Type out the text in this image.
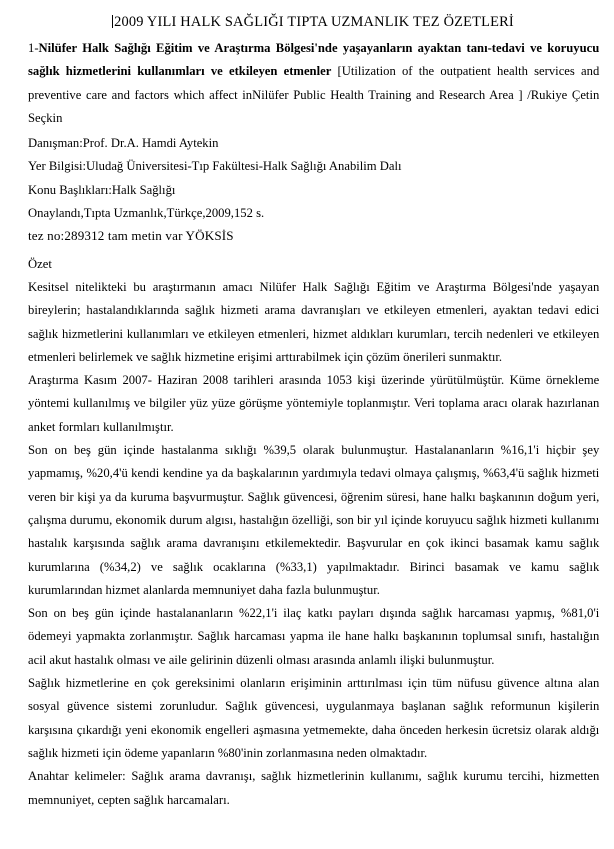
2009 YILI HALK SAĞLIĞI TIPTA UZMANLIK TEZ ÖZETLERİ
1-Nilüfer Halk Sağlığı Eğitim ve Araştırma Bölgesi'nde yaşayanların ayaktan tanı-tedavi ve koruyucu sağlık hizmetlerini kullanımları ve etkileyen etmenler [Utilization of the outpatient health services and preventive care and factors which affect inNilüfer Public Health Training and Research Area ] /Rukiye Çetin Seçkin
Danışman:Prof. Dr.A. Hamdi Aytekin
Yer Bilgisi:Uludağ Üniversitesi-Tıp Fakültesi-Halk Sağlığı Anabilim Dalı
Konu Başlıkları:Halk Sağlığı
Onaylandı,Tıpta Uzmanlık,Türkçe,2009,152 s.
tez no:289312 tam metin var YÖKSİS
Özet
Kesitsel nitelikteki bu araştırmanın amacı Nilüfer Halk Sağlığı Eğitim ve Araştırma Bölgesi'nde yaşayan bireylerin; hastalandıklarında sağlık hizmeti arama davranışları ve etkileyen etmenleri, ayaktan tedavi edici sağlık hizmetlerini kullanımları ve etkileyen etmenleri, hizmet aldıkları kurumları, tercih nedenleri ve etkileyen etmenleri belirlemek ve sağlık hizmetine erişimi arttırabilmek için çözüm önerileri sunmaktır.
Araştırma Kasım 2007- Haziran 2008 tarihleri arasında 1053 kişi üzerinde yürütülmüştür. Küme örnekleme yöntemi kullanılmış ve bilgiler yüz yüze görüşme yöntemiyle toplanmıştır. Veri toplama aracı olarak hazırlanan anket formları kullanılmıştır.
Son on beş gün içinde hastalanma sıklığı %39,5 olarak bulunmuştur. Hastalananların %16,1'i hiçbir şey yapmamış, %20,4'ü kendi kendine ya da başkalarının yardımıyla tedavi olmaya çalışmış, %63,4'ü sağlık hizmeti veren bir kişi ya da kuruma başvurmuştur. Sağlık güvencesi, öğrenim süresi, hane halkı başkanının doğum yeri, çalışma durumu, ekonomik durum algısı, hastalığın özelliği, son bir yıl içinde koruyucu sağlık hizmeti kullanımı hastalık karşısında sağlık arama davranışını etkilemektedir. Başvurular en çok ikinci basamak kamu sağlık kurumlarına (%34,2) ve sağlık ocaklarına (%33,1) yapılmaktadır. Birinci basamak ve kamu sağlık kurumlarından hizmet alanlarda memnuniyet daha fazla bulunmuştur.
Son on beş gün içinde hastalananların %22,1'i ilaç katkı payları dışında sağlık harcaması yapmış, %81,0'i ödemeyi yapmakta zorlanmıştır. Sağlık harcaması yapma ile hane halkı başkanının toplumsal sınıfı, hastalığın acil akut hastalık olması ve aile gelirinin düzenli olması arasında anlamlı ilişki bulunmuştur.
Sağlık hizmetlerine en çok gereksinimi olanların erişiminin arttırılması için tüm nüfusu güvence altına alan sosyal güvence sistemi zorunludur. Sağlık güvencesi, uygulanmaya başlanan sağlık reformunun kişilerin karşısına çıkardığı yeni ekonomik engelleri aşmasına yetmemekte, daha önceden herkesin ücretsiz olarak aldığı sağlık hizmeti için ödeme yapanların %80'inin zorlanmasına neden olmaktadır.
Anahtar kelimeler: Sağlık arama davranışı, sağlık hizmetlerinin kullanımı, sağlık kurumu tercihi, hizmetten memnuniyet, cepten sağlık harcamaları.
